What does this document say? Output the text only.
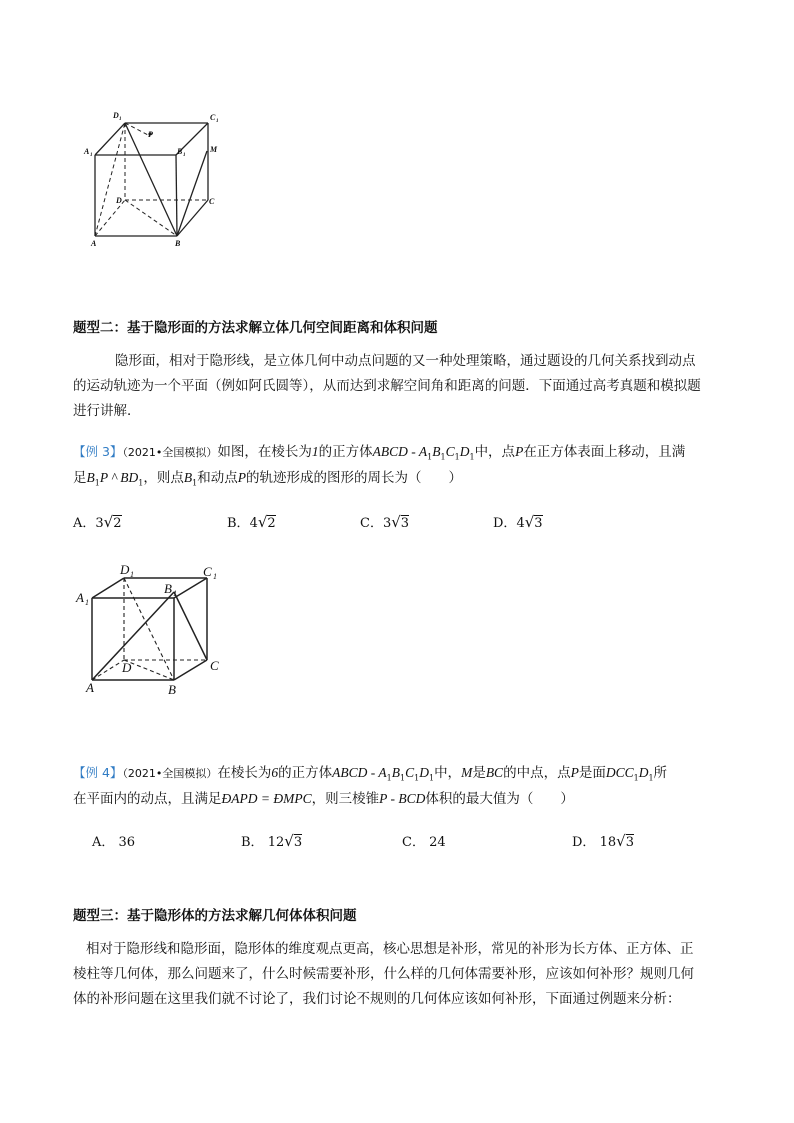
D 1	C 1
A 1	B 1
P
M
D	C
A	B
题型二：基于隐形面的方法求解立体几何空间距离和体积问题
隐形面，相对于隐形线，是立体几何中动点问题的又一种处理策略，通过题设的几何关系找到动点
的运动轨迹为一个平面（例如阿氏圆等），从而达到求解空间角和距离的问题．下面通过高考真题和模拟题
进行讲解．
【例 3】（2021•全国模拟）如图，在棱长为1的正方体ABCD - $A_1B_1C_1D_1$中，点P在正方体表面上移动，且满
足$B_1P$ ^ $BD_1$，则点$B_1$和动点P的轨迹形成的图形的周长为（　　）
A．3√2	B．4√2	C．3√3	D．4√3
D 1	C 1
A 1
B 1
D	C
A	B
【例 4】（2021•全国模拟）在棱长为6的正方体ABCD - $A_1B_1C_1D_1$中，M是BC的中点，点P是面$DCC_1D_1$所
在平面内的动点，且满足ÐAPD = ÐMPC，则三棱锥P - BCD体积的最大值为（　　）
A． 36	B． 12√3	C． 24	D． 18√3
题型三：基于隐形体的方法求解几何体体积问题
相对于隐形线和隐形面，隐形体的维度观点更高，核心思想是补形，常见的补形为长方体、正方体、正
棱柱等几何体，那么问题来了，什么时候需要补形，什么样的几何体需要补形，应该如何补形？规则几何
体的补形问题在这里我们就不讨论了，我们讨论不规则的几何体应该如何补形，下面通过例题来分析：
